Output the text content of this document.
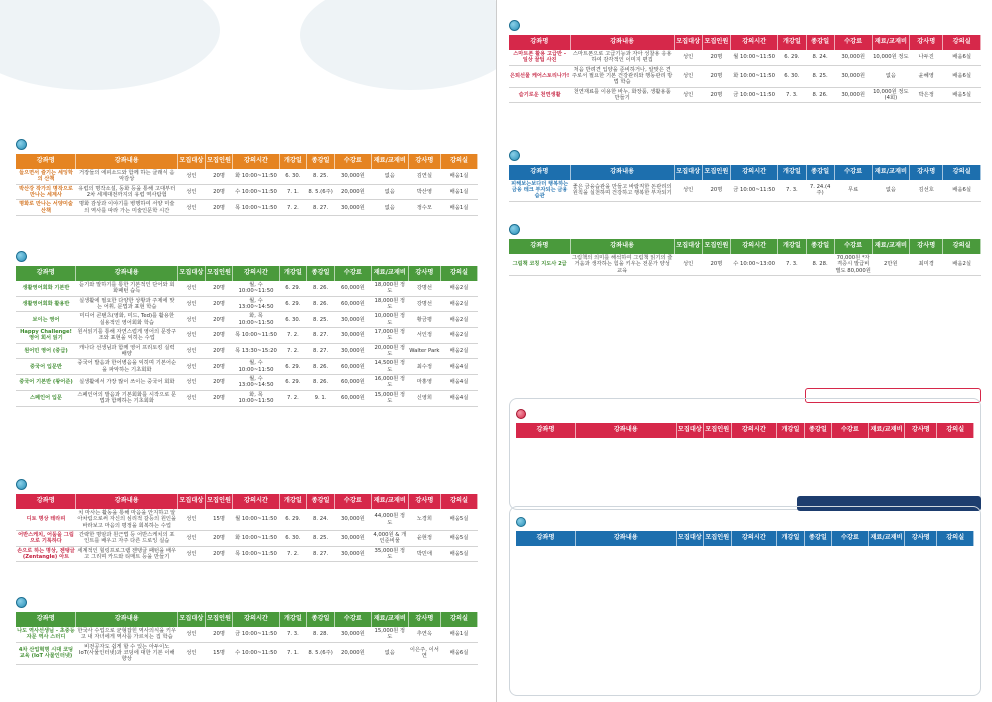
강좌명	강좌내용	모집대상	모집인원	강의시간	개강일	종강일	수강료	재료/교재비	강사명	강의실
들으면서 즐기는 세잉학의 산책	거장들의 에피소드와 함께 하는 클래식 음악감상	성인	20명	화 10:00~11:50	6. 30.	8. 25.	30,000원	없음	김연실	배움1실
박산강 작가의 명작으로 만나는 세계사	유럽의 명작소설, 동화 등을 통해 고대부터 2차 세계대전까지의 유럽 역사탐험	성인	20명	수 10:00~11:50	7. 1.	8. 5.(6주)	20,000원	없음	박산영	배움1실
명화로 만나는 서양미술 산책	명화 감상과 이야기를 병행하여 서양 미술의 역사를 따라 가는 미술인문학 시간	성인	20명	목 10:00~11:50	7. 2.	8. 27.	30,000원	없음	정수모	배움1실
강좌명	강좌내용	모집대상	모집인원	강의시간	개강일	종강일	수강료	재료/교재비	강사명	강의실
생활영어회화 기본반	듣기와 말하기를 통한 기본적인 단어와 회화패턴 습득	성인	20명	월, 수 10:00~11:50	6. 29.	8. 26.	60,000원	18,000원 정도	강명선	배움2실
생활영어회화 활용반	실생활에 필요한 다양한 상황과 주제에 맞는 어휘, 문법과 표현 학습	성인	20명	월, 수 13:00~14:50	6. 29.	8. 26.	60,000원	18,000원 정도	강명선	배움2실
보이는 영어	미디어 콘텐츠(영화, 미드, Ted)를 활용한 실용적인 영어회화 학습	성인	20명	화, 목 10:00~11:50	6. 30.	8. 25.	30,000원	10,000원 정도	황금평	배움2실
Happy Challenge! 영어 회서 읽기	원서읽기를 통해 자연스럽게 영어의 문장구조와 표현을 익히는 수업	성인	20명	목 10:00~11:50	7. 2.	8. 27.	30,000원	17,000원 정도	서인정	배움2실
원어민 영어 (중급)	캐나다 선생님과 함께 영어 프리토킹 실력 배양	성인	20명	목 13:30~15:20	7. 2.	8. 27.	30,000원	20,000원 정도	Walter Park	배움2실
중국어 입문반	중국어 발음과 한어병음을 익히며 기본어순을 파악하는 기초회화	성인	20명	월, 수 10:00~11:50	6. 29.	8. 26.	60,000원	14,500원 정도	최수정	배움4실
중국어 기본반 (왕어준)	실생활에서 가장 많이 쓰이는 중국어 회화	성인	20명	월, 수 13:00~14:50	6. 29.	8. 26.	60,000원	16,000원 정도	마홍영	배움4실
스페인어 입문	스페인어의 발음과 기본회화를 시작으로 문법과 함께하는 기초회화	성인	20명	화, 목 10:00~11:50	7. 2.	9. 1.	60,000원	15,000원 정도	신영희	배움4실
강좌명	강좌내용	모집대상	모집인원	강의시간	개강일	종강일	수강료	재료/교재비	강사명	강의실
디토 명상 테라피	치 마사는 활동을 통해 마음을 안지하고 알아차림으로써 자신의 심리적 갈등의 원인을 바라보고 마음의 평정을 회복하는 수업	성인	15명	월 10:00~11:50	6. 29.	8. 24.	30,000원	44,000원 정도	노경희	배움5실
어반스케치, 어둠을 그림으로 기록하다	간략한 명암과 원근법 등 어반스케치의 포인트를 배우고 자주 다른 드로잉 실습	성인	20명	화 10:00~11:50	6. 30.	8. 25.	30,000원	4,000원 & 개인준비물	윤현정	배움5실
손으로 하는 명상, 젠탱글(Zentangle) 아트	세계적인 힐링프로그램 젠탱글 패턴을 배우고 그리며 카드와 티매트 등을 만들기	성인	20명	목 10:00~11:50	7. 2.	8. 27.	30,000원	35,000원 정도	박민애	배움5실
강좌명	강좌내용	모집대상	모집인원	강의시간	개강일	종강일	수강료	재료/교재비	강사명	강의실
나도 역사선생님 - 초중등 자문 역사 스터디	한국사 수업으로 균형잡힌 역사의식을 키우고 내 자녀에게 역사를 가르치는 집 학습	성인	20명	금 10:00~11:50	7. 3.	8. 28.	30,000원	15,000원 정도	추연옥	배움1실
4차 산업혁명 시대 코딩교육 (IoT 사물인터넷)	비전공자도 쉽게 할 수 있는 아두이노 IoT(사물인터넷)과 코딩에 대한 기본 이해 향상	성인	15명	수 10:00~11:50	7. 1.	8. 5.(6주)	20,000원	없음	이은주, 이서연	배움6실
강좌명	강좌내용	모집대상	모집인원	강의시간	개강일	종강일	수강료	재료/교재비	강사명	강의실
스마트폰 활용 고급반 - 일상 꿀팁 사진	스마트폰으로 고급기능과 자아 성찰용 응용하여 감각적인 이미지 편집	성인	20명	월 10:00~11:50	6. 29.	8. 24.	30,000원	10,000원 정도	나두진	배움6실
은퇴선물 케어스토리나가!	처음 반려견 입양을 준비하거나, 알맞은 견주로서 필요한 기본 건강관리와 행동관리 방법 학습	성인	20명	화 10:00~11:50	6. 30.	8. 25.	30,000원	없음	윤혜영	배움6실
슬기로운 천연생활	천연재료를 이용한 바누, 화장품, 생활용품 만들기	성인	20명	금 10:00~11:50	7. 3.	8. 26.	30,000원	10,000원 정도(4회)	박은정	배움5실
강좌명	강좌내용	모집대상	모집인원	강의시간	개강일	종강일	수강료	재료/교재비	강사명	강의실
피해보는보다더 행복하는 금융 테크 부자되는 금융습관	좋은 금융습관을 만들고 바람직한 돈관리의 원칙을 실천하며 건강하고 행복한 부자되기	성인	20명	금 10:00~11:50	7. 3.	7. 24.(4주)	무료	없음	김선호	배움6실
강좌명	강좌내용	모집대상	모집인원	강의시간	개강일	종강일	수강료	재료/교재비	강사명	강의실
그림책 코칭 지도사 2급	그림책의 의미를 해석하여 그림책 읽기의 즐거움과 생각하는 힘을 키우는 전문가 양성 교육	성인	20명	수 10:00~13:00	7. 3.	8. 28.	70,000원 *자격증시 발급비 별도 80,000원	2만원	최미경	배움2실
강좌명	강좌내용	모집대상	모집인원	강의시간	개강일	종강일	수강료	재료/교재비	강사명	강의실
강좌명	강좌내용	모집대상	모집인원	강의시간	개강일	종강일	수강료	재료/교재비	강사명	강의실
